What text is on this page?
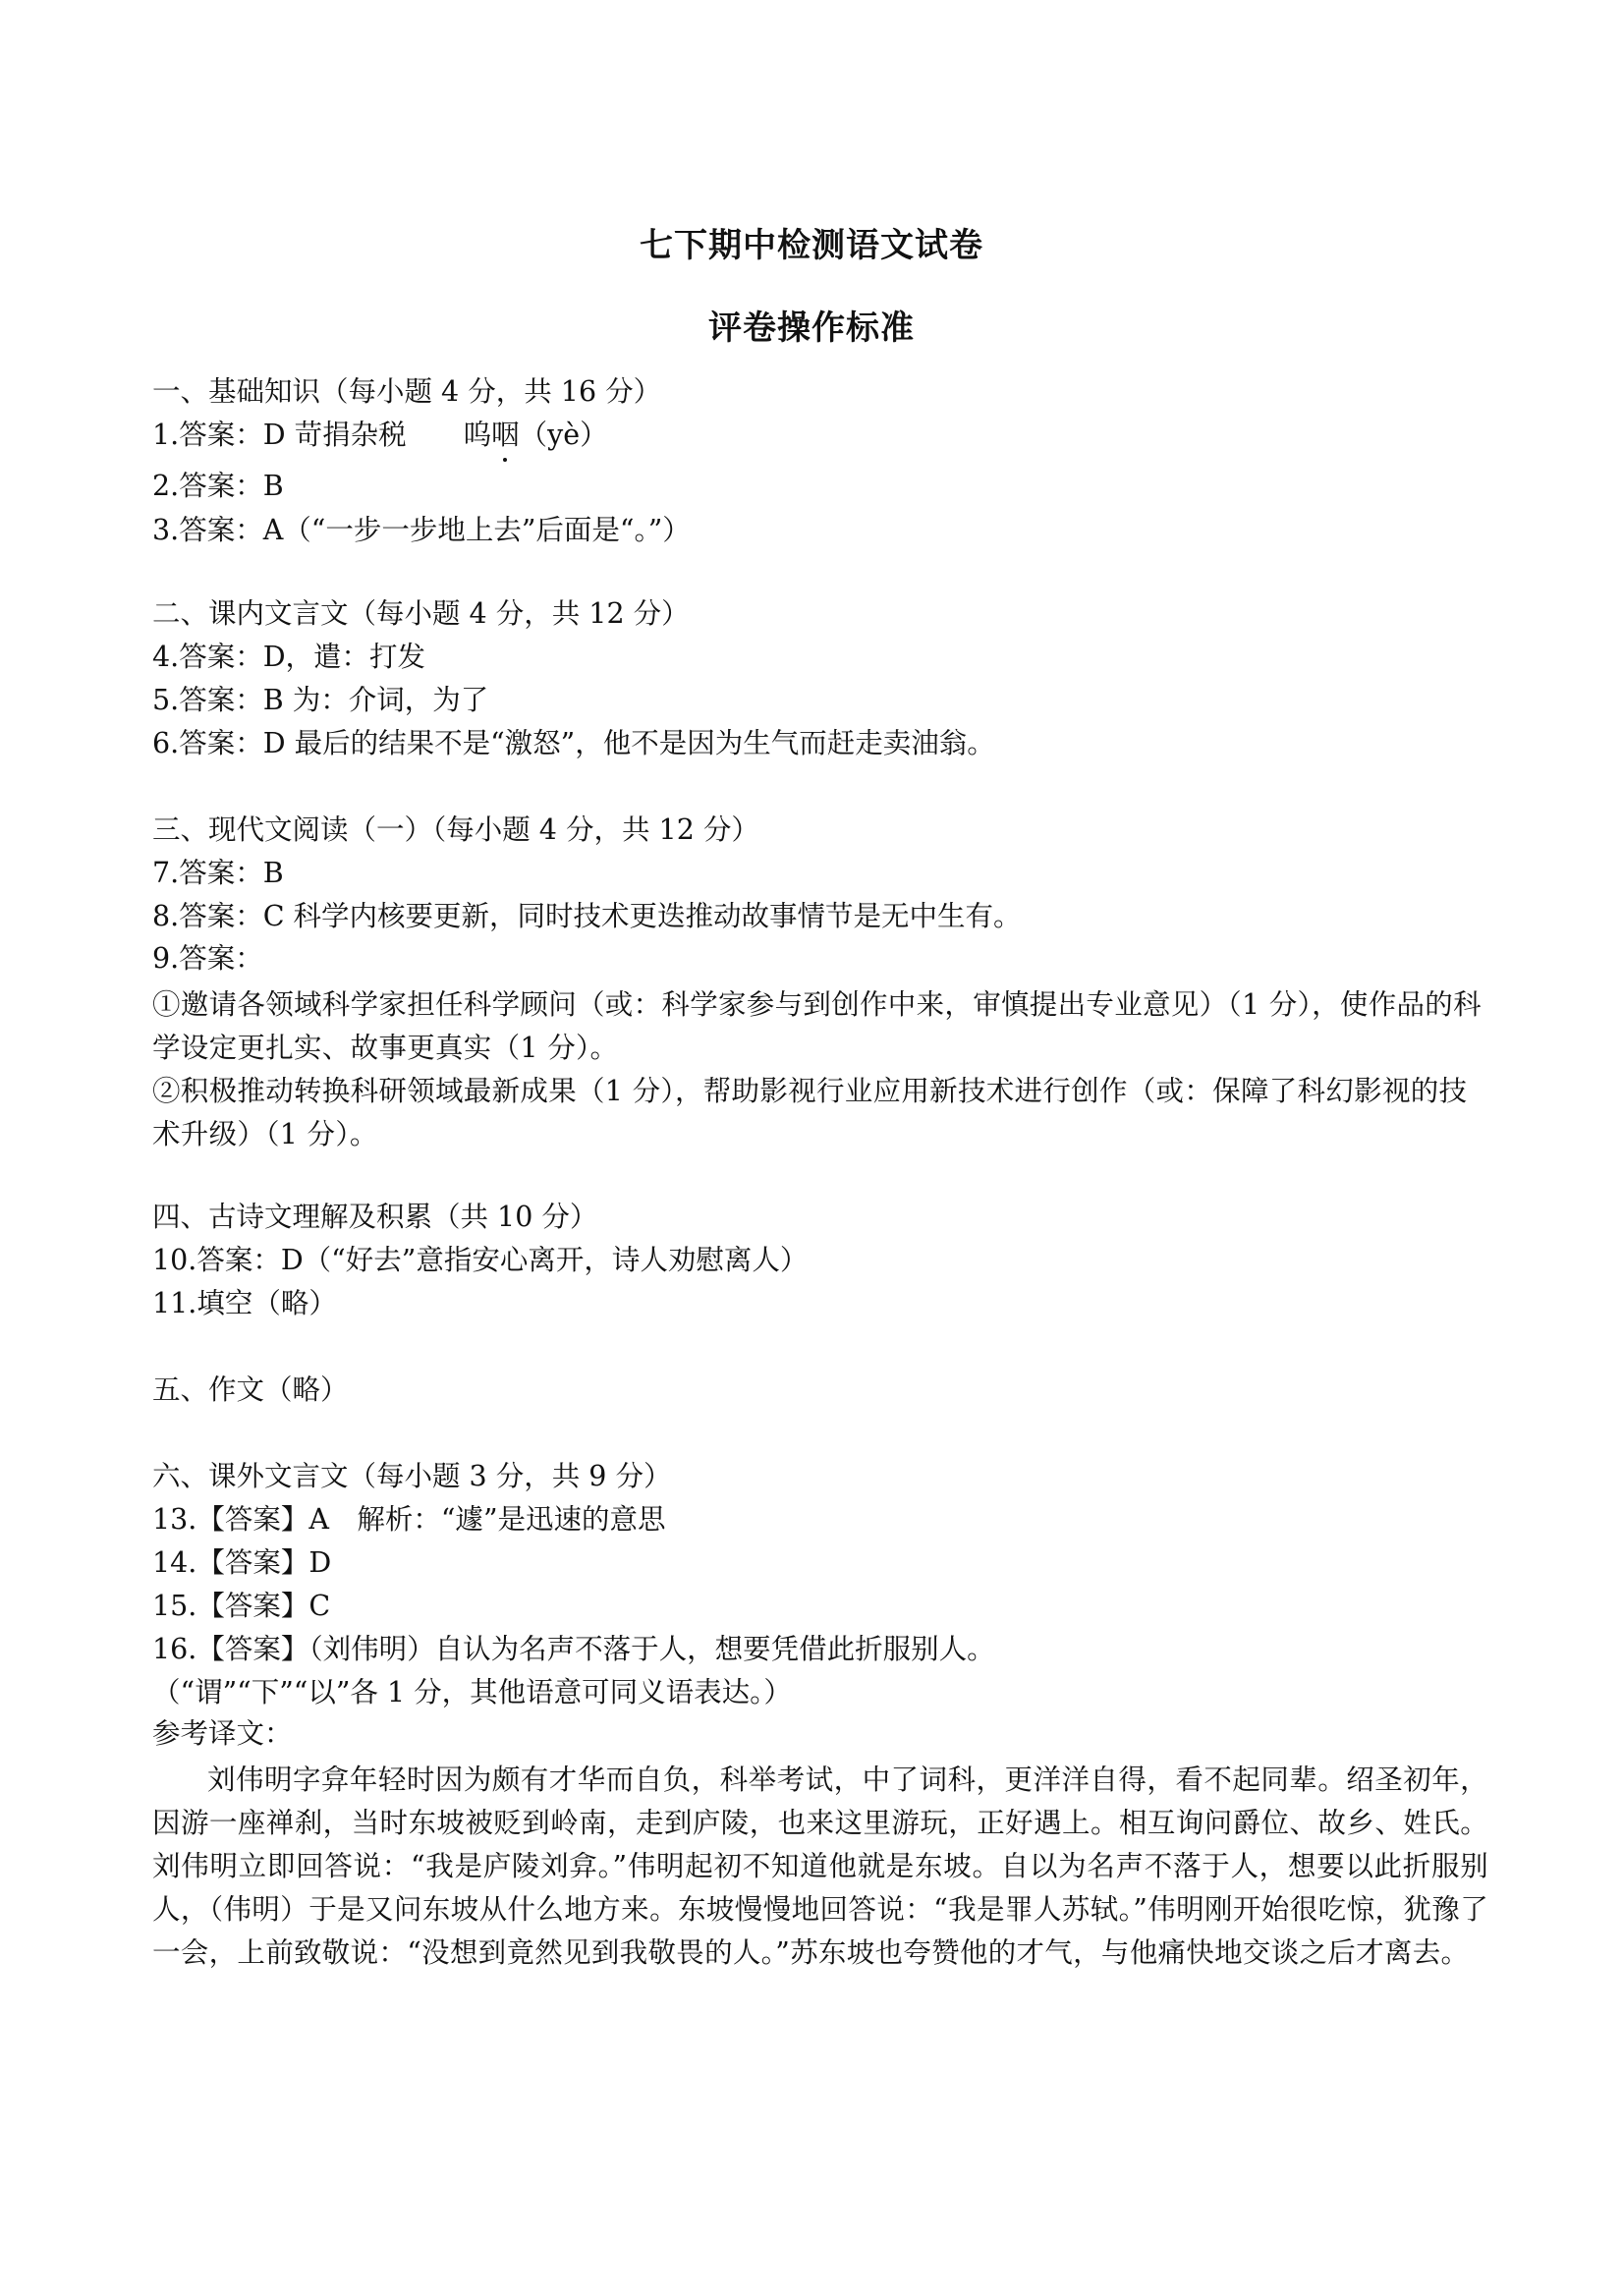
七下期中检测语文试卷
评卷操作标准
一、基础知识（每小题 4 分，共 16 分）
1.答案：D 苛捐杂税 呜咽（yè）
2.答案：B
3.答案：A（“一步一步地上去”后面是“。”）
二、课内文言文（每小题 4 分，共 12 分）
4.答案：D，遣：打发
5.答案：B 为：介词，为了
6.答案：D 最后的结果不是“激怒”，他不是因为生气而赶走卖油翁。
三、现代文阅读（一）（每小题 4 分，共 12 分）
7.答案：B
8.答案：C 科学内核要更新，同时技术更迭推动故事情节是无中生有。
9.答案：
①邀请各领域科学家担任科学顾问（或：科学家参与到创作中来，审慎提出专业意见）（1 分），使作品的科学设定更扎实、故事更真实（1 分）。
②积极推动转换科研领域最新成果（1 分），帮助影视行业应用新技术进行创作（或：保障了科幻影视的技术升级）（1 分）。
四、古诗文理解及积累（共 10 分）
10.答案：D（“好去”意指安心离开，诗人劝慰离人）
11.填空（略）
五、作文（略）
六、课外文言文（每小题 3 分，共 9 分）
13.【答案】A　解析：“遽”是迅速的意思
14.【答案】D
15.【答案】C
16.【答案】（刘伟明）自认为名声不落于人，想要凭借此折服别人。
（“谓”“下”“以”各 1 分，其他语意可同义语表达。）
参考译文：
刘伟明字弇年轻时因为颇有才华而自负，科举考试，中了词科，更洋洋自得，看不起同辈。绍圣初年，因游一座禅刹，当时东坡被贬到岭南，走到庐陵，也来这里游玩，正好遇上。相互询问爵位、故乡、姓氏。刘伟明立即回答说：“我是庐陵刘弇。”伟明起初不知道他就是东坡。自以为名声不落于人，想要以此折服别人，（伟明）于是又问东坡从什么地方来。东坡慢慢地回答说：“我是罪人苏轼。”伟明刚开始很吃惊，犹豫了一会，上前致敬说：“没想到竟然见到我敬畏的人。”苏东坡也夸赞他的才气，与他痛快地交谈之后才离去。
